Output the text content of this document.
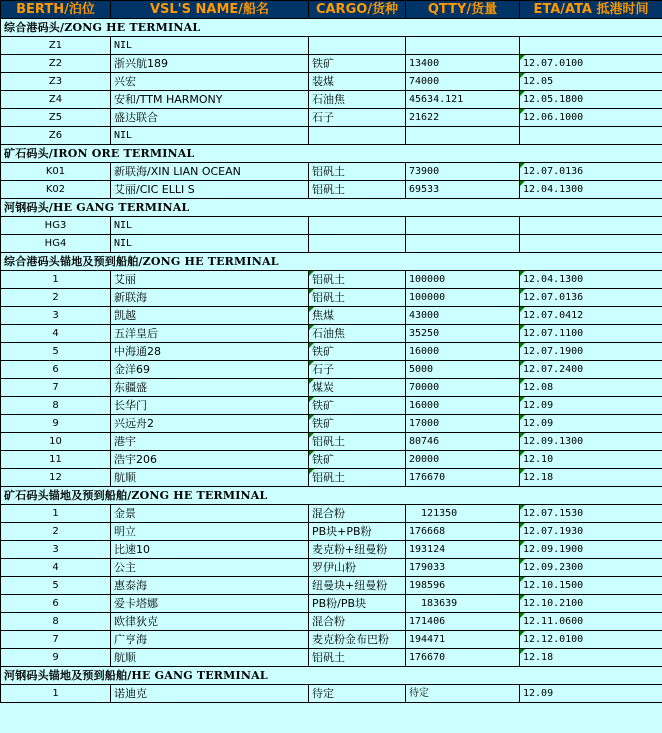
BERTH/泊位	VSL'S NAME/船名	CARGO/货种	QTTY/货量	ETA/ATA 抵港时间
综合港码头/ZONG HE TERMINAL				
Z1	NIL			
Z2	浙兴航189	铁矿	13400	12.07.0100
Z3	兴宏	装煤	74000	12.05
Z4	安和/TTM HARMONY	石油焦	45634.121	12.05.1800
Z5	盛达联合	石子	21622	12.06.1000
Z6	NIL			
矿石码头/IRON ORE TERMINAL				
K01	新联海/XIN LIAN OCEAN	铝矾土	73900	12.07.0136
K02	艾丽/CIC ELLI S	铝矾土	69533	12.04.1300
河钢码头/HE GANG TERMINAL				
HG3	NIL			
HG4	NIL			
综合港码头锚地及预到船舶/ZONG HE TERMINAL				
1	艾丽	铝矾土	100000	12.04.1300
2	新联海	铝矾土	100000	12.07.0136
3	凯越	焦煤	43000	12.07.0412
4	五洋皇后	石油焦	35250	12.07.1100
5	中海通28	铁矿	16000	12.07.1900
6	金洋69	石子	5000	12.07.2400
7	东疆盛	煤炭	70000	12.08
8	长华门	铁矿	16000	12.09
9	兴远舟2	铁矿	17000	12.09
10	港宇	铝矾土	80746	12.09.1300
11	浩宇206	铁矿	20000	12.10
12	航顺	铝矾土	176670	12.18
矿石码头锚地及预到船舶/ZONG HE TERMINAL				
1	金景	混合粉	121350	12.07.1530
2	明立	PB块+PB粉	176668	12.07.1930
3	比速10	麦克粉+纽曼粉	193124	12.09.1900
4	公主	罗伊山粉	179033	12.09.2300
5	惠泰海	纽曼块+纽曼粉	198596	12.10.1500
6	爱卡塔娜	PB粉/PB块	183639	12.10.2100
8	欧律狄克	混合粉	171406	12.11.0600
7	广亨海	麦克粉金布巴粉	194471	12.12.0100
9	航顺	铝矾土	176670	12.18
河钢码头锚地及预到船舶/HE GANG TERMINAL				
1	诺迪克	待定	待定	12.09
